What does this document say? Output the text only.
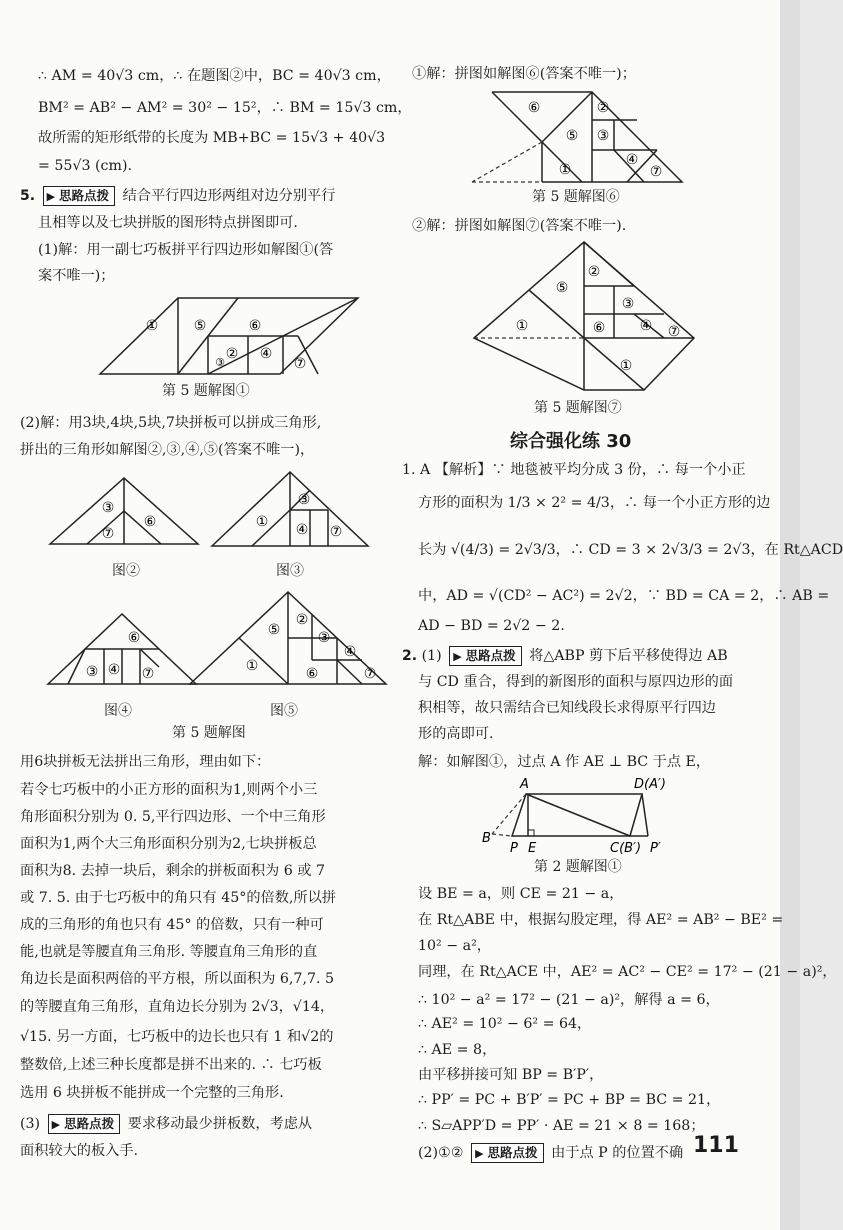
∴ AM = 40√3 cm，∴ 在题图②中，BC = 40√3 cm，
BM² = AB² − AM² = 30² − 15²，∴ BM = 15√3 cm，
故所需的矩形纸带的长度为 MB+BC = 15√3 + 40√3
= 55√3 (cm).
5. ▶ 思路点拨 结合平行四边形两组对边分别平行
且相等以及七块拼版的图形特点拼图即可.
(1)解：用一副七巧板拼平行四边形如解图①(答
案不唯一)；
①	⑤	⑥
② ④
⑦
③
第 5 题解图①
(2)解：用3块,4块,5块,7块拼板可以拼成三角形,
拼出的三角形如解图②,③,④,⑤(答案不唯一)，
③
⑦
⑥
图②
①
③
④ ⑦
图③
⑥
③ ④ ⑦
图④
①
⑤
②
③
⑥
④
⑦
图⑤
第 5 题解图
用6块拼板无法拼出三角形，理由如下：
若令七巧板中的小正方形的面积为1,则两个小三
角形面积分别为 0. 5,平行四边形、一个中三角形
面积为1,两个大三角形面积分别为2,七块拼板总
面积为8. 去掉一块后，剩余的拼板面积为 6 或 7
或 7. 5. 由于七巧板中的角只有 45°的倍数,所以拼
成的三角形的角也只有 45° 的倍数，只有一种可
能,也就是等腰直角三角形. 等腰直角三角形的直
角边长是面积两倍的平方根，所以面积为 6,7,7. 5
的等腰直角三角形，直角边长分别为 2√3，√14，
√15. 另一方面，七巧板中的边长也只有 1 和√2的
整数倍,上述三种长度都是拼不出来的. ∴ 七巧板
选用 6 块拼板不能拼成一个完整的三角形.
(3) ▶ 思路点拨 要求移动最少拼板数，考虑从
面积较大的板入手.
①解：拼图如解图⑥(答案不唯一)；
⑥
⑤
②
③
①
④
⑦
第 5 题解图⑥
②解：拼图如解图⑦(答案不唯一).
①
⑤
②
③
⑥ ④ ⑦
①
第 5 题解图⑦
综合强化练 30
1. A 【解析】∵ 地毯被平均分成 3 份，∴ 每一个小正
方形的面积为 1/3 × 2² = 4/3，∴ 每一个小正方形的边
长为 √(4/3) = 2√3/3，∴ CD = 3 × 2√3/3 = 2√3，在 Rt△ACD
中，AD = √(CD² − AC²) = 2√2，∵ BD = CA = 2，∴ AB =
AD − BD = 2√2 − 2.
2. (1) ▶ 思路点拨 将△ABP 剪下后平移使得边 AB
与 CD 重合，得到的新图形的面积与原四边形的面
积相等，故只需结合已知线段长求得原平行四边
形的高即可.
解：如解图①，过点 A 作 AE ⊥ BC 于点 E，
A	D(A′)
B
P E	C(B′) P′
第 2 题解图①
设 BE = a，则 CE = 21 − a，
在 Rt△ABE 中，根据勾股定理，得 AE² = AB² − BE² =
10² − a²，
同理，在 Rt△ACE 中，AE² = AC² − CE² = 17² − (21 − a)²，
∴ 10² − a² = 17² − (21 − a)²，解得 a = 6，
∴ AE² = 10² − 6² = 64，
∴ AE = 8，
由平移拼接可知 BP = B′P′，
∴ PP′ = PC + B′P′ = PC + BP = BC = 21，
∴ S▱APP′D = PP′ · AE = 21 × 8 = 168；
(2)①② ▶ 思路点拨 由于点 P 的位置不确 111
